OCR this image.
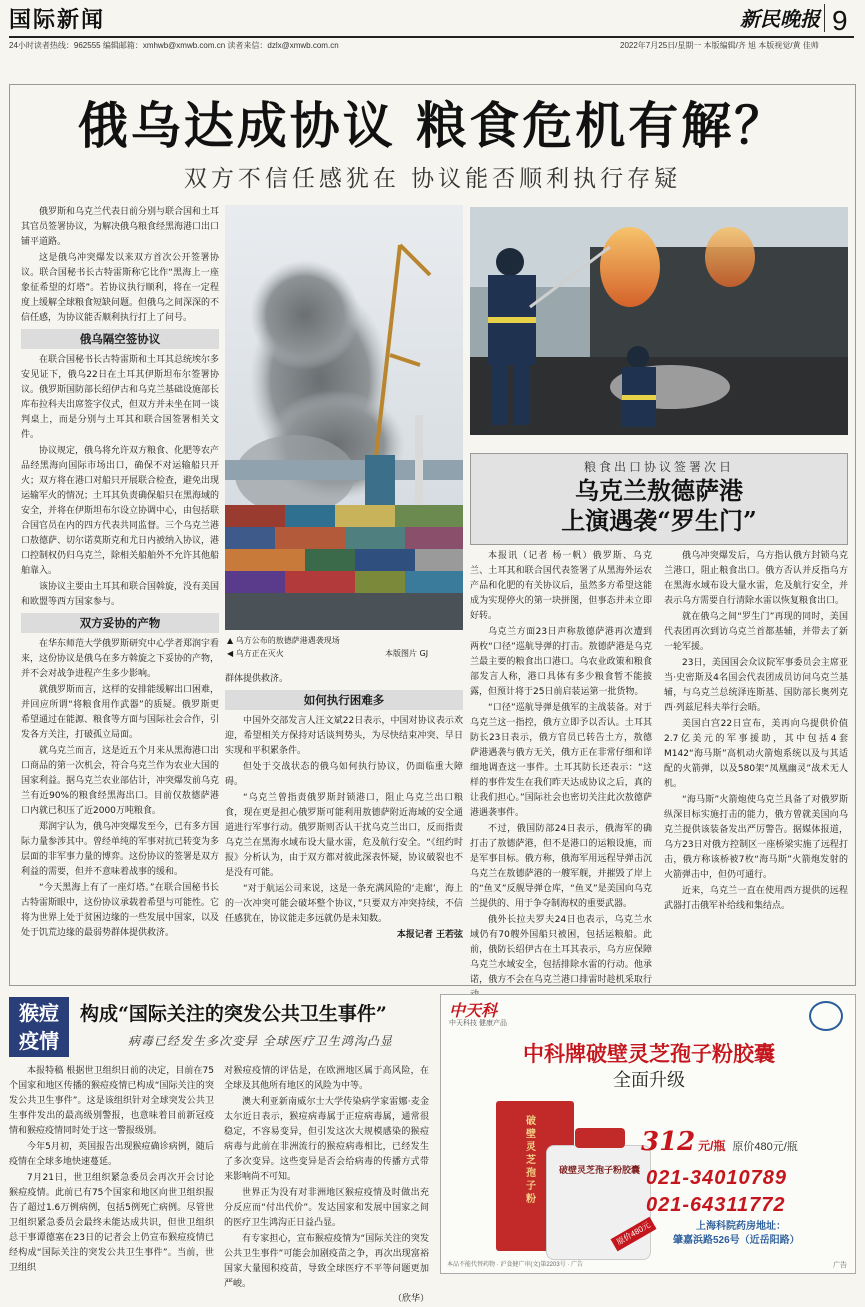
国际新闻	新民晚报 9
24小时读者热线：962555 编辑邮箱：xmhwb@xmwb.com.cn 读者来信：dzlx@xmwb.com.cn	2022年7月25日/星期一 本版编辑/齐 旭 本版视觉/黄 佳帅
俄乌达成协议 粮食危机有解？
双方不信任感犹在 协议能否顺利执行存疑

俄罗斯和乌克兰代表日前分别与联合国和土耳其官员签署协议，为解决俄乌粮食经黑海港口出口铺平道路。

这是俄乌冲突爆发以来双方首次公开签署协议。联合国秘书长古特雷斯称它比作“黑海上一座象征希望的灯塔”。若协议执行顺利，将在一定程度上缓解全球粮食短缺问题。但俄乌之间深深的不信任感，为协议能否顺利执行打上了问号。

俄乌隔空签协议

在联合国秘书长古特雷斯和土耳其总统埃尔多安见证下，俄乌22日在土耳其伊斯坦布尔签署协议。俄罗斯国防部长绍伊古和乌克兰基础设施部长库布拉科夫出席签字仪式，但双方并未坐在同一谈判桌上，而是分别与土耳其和联合国签署相关文件。

协议规定，俄乌将允许双方粮食、化肥等农产品经黑海向国际市场出口，确保不对运输船只开火；双方将在港口对船只开展联合检查，避免出现运输军火的情况；土耳其负责确保船只在黑海域的安全，并将在伊斯坦布尔设立协调中心，由包括联合国官员在内的四方代表共同监督。三个乌克兰港口敖德萨、切尔诺莫斯克和尤日内被纳入协议，港口控制权仍归乌克兰，除相关船舶外不允许其他船舶靠入。

该协议主要由土耳其和联合国斡旋，没有美国和欧盟等西方国家参与。

双方妥协的产物

在华东师范大学俄罗斯研究中心学者郑润宇看来，这份协议是俄乌在多方斡旋之下妥协的产物，并不会对战争进程产生多少影响。

就俄罗斯而言，这样的安排能缓解出口困难，并回应所谓“将粮食用作武器”的质疑。俄罗斯更希望通过在能源、粮食等方面与国际社会合作，引发各方关注，打破孤立局面。

就乌克兰而言，这是近五个月来从黑海港口出口商品的第一次机会，符合乌克兰作为农业大国的国家利益。据乌克兰农业部估计，冲突爆发前乌克兰有近90%的粮食经黑海出口。目前仅敖德萨港口内就已积压了近2000万吨粮食。

郑润宇认为，俄乌冲突爆发至今，已有多方国际力量参涉其中。曾经单纯的军事对抗已转变为多层面的非军事力量的博弈。这份协议的签署是双方利益的需要，但并不意味着战事的缓和。

“今天黑海上有了一座灯塔。”在联合国秘书长古特雷斯眼中，这份协议承载着希望与可能性。它将为世界上处于贫困边缘的一些发展中国家，以及处于饥荒边缘的最弱势群体提供救济。

▲ 乌方公布的敖德萨港遇袭现场
◀ 乌方正在灭火	本版图片 GJ

群体提供救济。

如何执行困难多

中国外交部发言人汪文斌22日表示，中国对协议表示欢迎，希望相关方保持对话谈判势头，为尽快结束冲突、早日实现和平积累条件。

但处于交战状态的俄乌如何执行协议，仍面临重大障碍。

“乌克兰曾指责俄罗斯封锁港口，阻止乌克兰出口粮食，现在更是担心俄罗斯可能利用敖德萨附近海域的安全通道进行军事行动。俄罗斯则否认干扰乌克兰出口，反而指责乌克兰在黑海水域布设大量水雷，危及航行安全。“《纽约时报》分析认为，由于双方都对彼此深表怀疑，协议破裂也不是没有可能。

“对于航运公司来说，这是一条充满风险的‘走廊’，海上的一次冲突可能会破坏整个协议，”只要双方冲突持续，不信任感犹在，协议能走多远就仍是未知数。

本报记者 王若弦
粮食出口协议签署次日
乌克兰敖德萨港
上演遇袭“罗生门”

本报讯（记者 杨一帆）俄罗斯、乌克兰、土耳其和联合国代表签署了从黑海外运农产品和化肥的有关协议后，虽然多方希望这能成为实现停火的第一块拼图，但事态并未立即好转。

乌克兰方面23日声称敖德萨港再次遭到两枚“口径”巡航导弹的打击。敖德萨港是乌克兰最主要的粮食出口港口。乌农业政策和粮食部发言人称，港口具体有多少粮食暂不能披露，但预计将于25日前启装运第一批货物。

“口径”巡航导弹是俄军的主战装备。对于乌克兰这一指控，俄方立即予以否认。土耳其防长23日表示，俄方官员已转告土方，敖德萨港遇袭与俄方无关，俄方正在非常仔细和详细地调查这一事件。土耳其防长还表示：“这样的事件发生在我们昨天达成协议之后，真的让我们担心。”国际社会也密切关注此次敖德萨港遇袭事件。

不过，俄国防部24日表示，俄海军的确打击了敖德萨港，但不是港口的运粮设施，而是军事目标。俄方称，俄海军用远程导弹击沉乌克兰在敖德萨港的一艘军舰，并摧毁了岸上的“鱼叉”反舰导弹仓库，“鱼叉”是美国向乌克兰提供的、用于争夺制海权的重要武器。

俄外长拉夫罗夫24日也表示，乌克兰水域仍有70艘外国船只被困，包括运粮船。此前，俄防长绍伊古在土耳其表示，乌方应保障乌克兰水域安全，包括排除水雷的行动。他承诺，俄方不会在乌克兰港口排雷时趁机采取行

俄乌冲突爆发后，乌方指认俄方封锁乌克兰港口，阻止粮食出口。俄方否认并反指乌方在黑海水域布设大量水雷，危及航行安全，并表示乌方需要自行清除水雷以恢复粮食出口。

就在俄乌之间“罗生门”再现的同时，美国代表团再次到访乌克兰首都基辅，并带去了新一轮军援。

23日，美国国会众议院军事委员会主席亚当·史密斯及4名国会代表团成员访问乌克兰基辅，与乌克兰总统泽连斯基、国防部长奥列克西·列兹尼科夫举行会晤。

美国白宫22日宣布，美再向乌提供价值2.7亿美元的军事援助，其中包括4套M142“海马斯”高机动火箭炮系统以及与其适配的火箭弹，以及580架“凤凰幽灵”战术无人机。

“海马斯”火箭炮使乌克兰具备了对俄罗斯纵深目标实施打击的能力，俄方曾就美国向乌克兰提供该装备发出严厉警告。据媒体报道，乌方23日对俄方控制区一座桥梁实施了远程打击，俄方称该桥被7枚“海马斯”火箭炮发射的火箭弹击中，但仍可通行。

近来，乌克兰一直在使用西方提供的远程武器打击俄军补给线和集结点。

猴痘
疫情
构成“国际关注的突发公共卫生事件”
病毒已经发生多次变异 全球医疗卫生鸿沟凸显

本报特稿 根据世卫组织日前的决定，目前在75个国家和地区传播的猴痘疫情已构成“国际关注的突发公共卫生事件”。这是该组织针对全球突发公共卫生事件发出的最高级别警报，也意味着目前新冠疫情和猴痘疫情同时处于这一警报级别。

今年5月初，英国报告出现猴痘确诊病例，随后疫情在全球多地快速蔓延。

7月21日，世卫组织紧急委员会再次开会讨论猴痘疫情。此前已有75个国家和地区向世卫组织报告了超过1.6万例病例，包括5例死亡病例。尽管世卫组织紧急委员会最终未能达成共识，但世卫组织总干事谭德塞在23日的记者会上仍宣布猴痘疫情已经构成“国际关注的突发公共卫生事件”。当前，世卫组织

对猴痘疫情的评估是，在欧洲地区属于高风险，在全球及其他所有地区的风险为中等。

澳大利亚新南威尔士大学传染病学家雷娜·麦金太尔近日表示，猴痘病毒属于正痘病毒属，通常很稳定，不容易变异，但引发这次大规模感染的猴痘病毒与此前在非洲流行的猴痘病毒相比，已经发生了多次变异。这些变异是否会给病毒的传播方式带来影响尚不可知。

世界正为没有对非洲地区猴痘疫情及时做出充分反应而“付出代价”。发达国家和发展中国家之间的医疗卫生鸿沟正日益凸显。

有专家担心，宣布猴痘疫情为“国际关注的突发公共卫生事件”可能会加剧疫苗之争，再次出现富裕国家大量囤积疫苗，导致全球医疗不平等问题更加严峻。

（欣华）
中天科
中天科技 健康产品
中科牌破壁灵芝孢子粉胶囊
全面升级
破壁灵芝孢子粉
破壁灵芝孢子粉胶囊
原价480元
312 元/瓶 原价480元/瓶
021-34010789
021-64311772
上海科院药房地址：
肇嘉浜路526号（近岳阳路）
本品不能代替药物 · 沪食健广审(文)第2203号 · 广告	广告
